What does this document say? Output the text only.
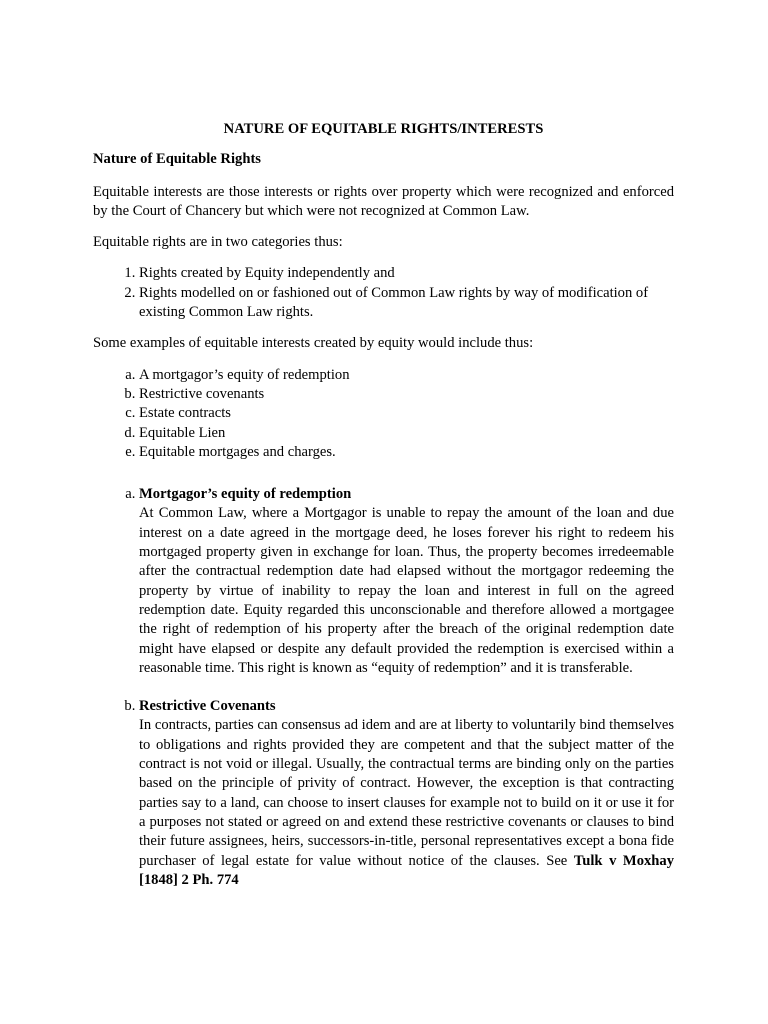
NATURE OF EQUITABLE RIGHTS/INTERESTS

Nature of Equitable Rights

Equitable interests are those interests or rights over property which were recognized and enforced by the Court of Chancery but which were not recognized at Common Law.

Equitable rights are in two categories thus:

1. Rights created by Equity independently and
2. Rights modelled on or fashioned out of Common Law rights by way of modification of existing Common Law rights.

Some examples of equitable interests created by equity would include thus:

a. A mortgagor’s equity of redemption
b. Restrictive covenants
c. Estate contracts
d. Equitable Lien
e. Equitable mortgages and charges.
a. Mortgagor’s equity of redemption
At Common Law, where a Mortgagor is unable to repay the amount of the loan and due interest on a date agreed in the mortgage deed, he loses forever his right to redeem his mortgaged property given in exchange for loan. Thus, the property becomes irredeemable after the contractual redemption date had elapsed without the mortgagor redeeming the property by virtue of inability to repay the loan and interest in full on the agreed redemption date. Equity regarded this unconscionable and therefore allowed a mortgagee the right of redemption of his property after the breach of the original redemption date might have elapsed or despite any default provided the redemption is exercised within a reasonable time. This right is known as “equity of redemption” and it is transferable.
b. Restrictive Covenants
In contracts, parties can consensus ad idem and are at liberty to voluntarily bind themselves to obligations and rights provided they are competent and that the subject matter of the contract is not void or illegal. Usually, the contractual terms are binding only on the parties based on the principle of privity of contract. However, the exception is that contracting parties say to a land, can choose to insert clauses for example not to build on it or use it for a purposes not stated or agreed on and extend these restrictive covenants or clauses to bind their future assignees, heirs, successors-in-title, personal representatives except a bona fide purchaser of legal estate for value without notice of the clauses. See Tulk v Moxhay [1848] 2 Ph. 774
